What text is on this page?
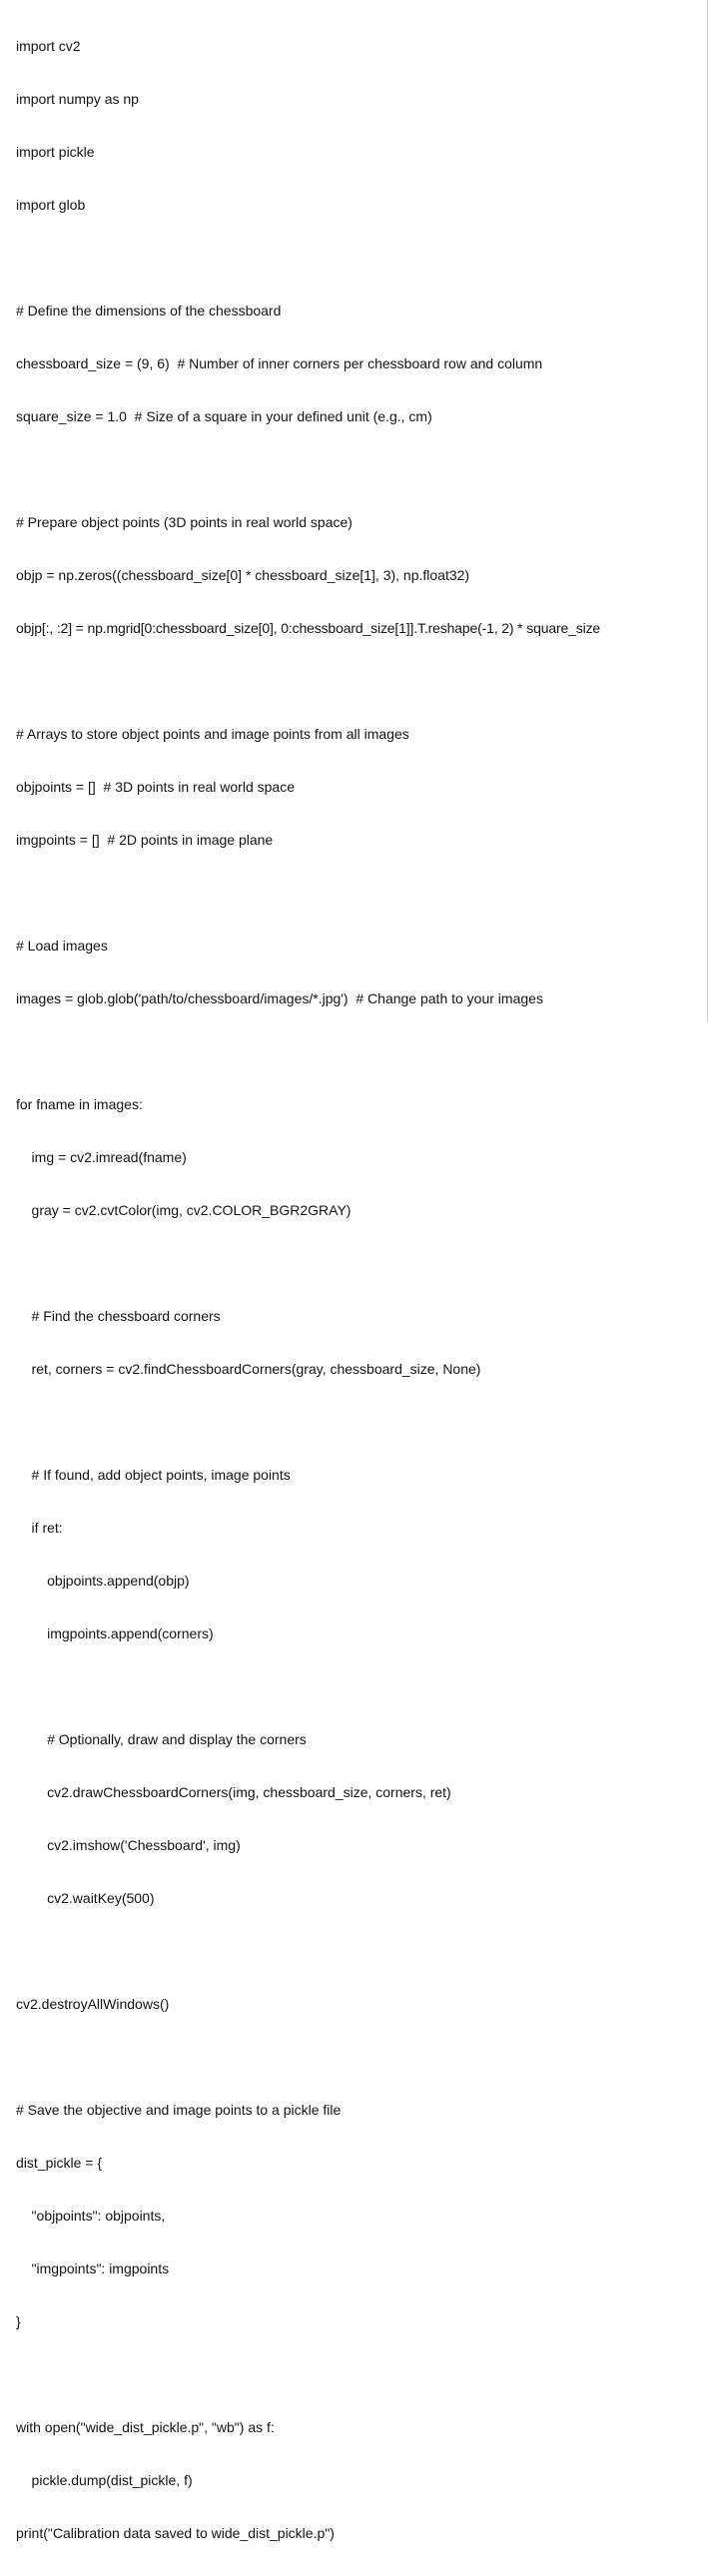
import cv2

import numpy as np

import pickle

import glob

# Define the dimensions of the chessboard

chessboard_size = (9, 6)  # Number of inner corners per chessboard row and column

square_size = 1.0  # Size of a square in your defined unit (e.g., cm)

# Prepare object points (3D points in real world space)

objp = np.zeros((chessboard_size[0] * chessboard_size[1], 3), np.float32)

objp[:, :2] = np.mgrid[0:chessboard_size[0], 0:chessboard_size[1]].T.reshape(-1, 2) * square_size

# Arrays to store object points and image points from all images

objpoints = []  # 3D points in real world space

imgpoints = []  # 2D points in image plane

# Load images

images = glob.glob('path/to/chessboard/images/*.jpg')  # Change path to your images

for fname in images:

img = cv2.imread(fname)

gray = cv2.cvtColor(img, cv2.COLOR_BGR2GRAY)

# Find the chessboard corners

ret, corners = cv2.findChessboardCorners(gray, chessboard_size, None)

# If found, add object points, image points

if ret:

objpoints.append(objp)

imgpoints.append(corners)

# Optionally, draw and display the corners

cv2.drawChessboardCorners(img, chessboard_size, corners, ret)

cv2.imshow('Chessboard', img)

cv2.waitKey(500)

cv2.destroyAllWindows()

# Save the objective and image points to a pickle file

dist_pickle = {

"objpoints": objpoints,

"imgpoints": imgpoints

}

with open("wide_dist_pickle.p", "wb") as f:

pickle.dump(dist_pickle, f)

print("Calibration data saved to wide_dist_pickle.p")
